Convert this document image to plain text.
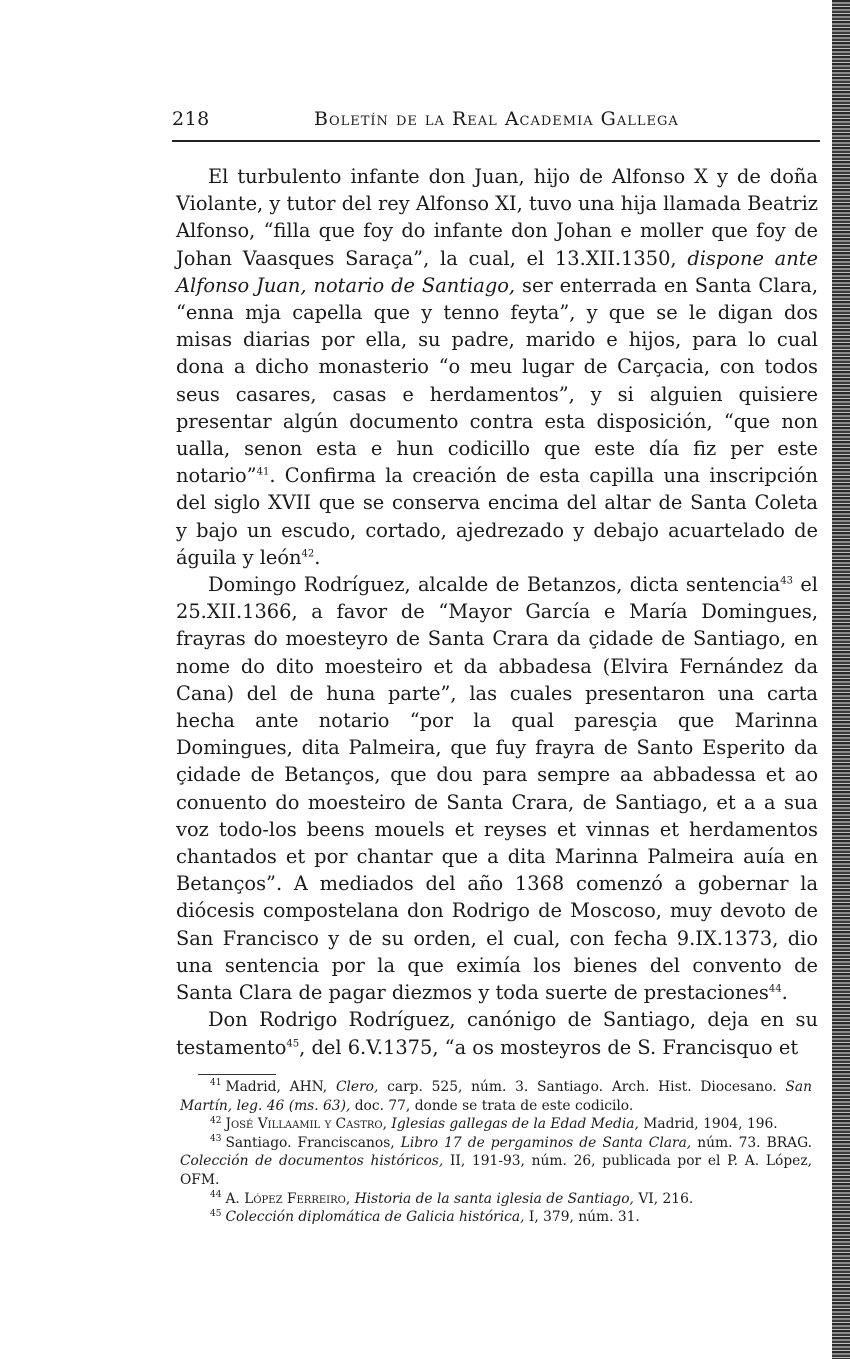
218	Boletín de la Real Academia Gallega

El turbulento infante don Juan, hijo de Alfonso X y de doña Violante, y tutor del rey Alfonso XI, tuvo una hija llamada Beatriz Alfonso, “filla que foy do infante don Johan e moller que foy de Johan Vaasques Saraça”, la cual, el 13.XII.1350, dispone ante Alfonso Juan, notario de Santiago, ser enterrada en Santa Clara, “enna mja capella que y tenno feyta”, y que se le digan dos misas diarias por ella, su padre, marido e hijos, para lo cual dona a dicho monasterio “o meu lugar de Carçacia, con todos seus casares, casas e herdamentos”, y si alguien quisiere presentar algún documento contra esta disposición, “que non ualla, senon esta e hun codicillo que este día fiz per este notario”$^{41}$. Confirma la creación de esta capilla una inscripción del siglo XVII que se conserva encima del altar de Santa Coleta y bajo un escudo, cortado, ajedrezado y debajo acuartelado de águila y león$^{42}$.

Domingo Rodríguez, alcalde de Betanzos, dicta sentencia$^{43}$ el 25.XII.1366, a favor de “Mayor García e María Domingues, frayras do moesteyro de Santa Crara da çidade de Santiago, en nome do dito moesteiro et da abbadesa (Elvira Fernández da Cana) del de huna parte”, las cuales presentaron una carta hecha ante notario “por la qual paresçia que Marinna Domingues, dita Palmeira, que fuy frayra de Santo Esperito da çidade de Betanços, que dou para sempre aa abbadessa et ao conuento do moesteiro de Santa Crara, de Santiago, et a a sua voz todo-los beens mouels et reyses et vinnas et herdamentos chantados et por chantar que a dita Marinna Palmeira auía en Betanços”. A mediados del año 1368 comenzó a gobernar la diócesis compostelana don Rodrigo de Moscoso, muy devoto de San Francisco y de su orden, el cual, con fecha 9.IX.1373, dio una sentencia por la que eximía los bienes del convento de Santa Clara de pagar diezmos y toda suerte de prestaciones$^{44}$.

Don Rodrigo Rodríguez, canónigo de Santiago, deja en su testamento$^{45}$, del 6.V.1375, “a os mosteyros de S. Francisquo et

$^{41}$ Madrid, AHN, Clero, carp. 525, núm. 3. Santiago. Arch. Hist. Diocesano. San Martín, leg. 46 (ms. 63), doc. 77, donde se trata de este codicilo.

$^{42}$ José Villaamil y Castro, Iglesias gallegas de la Edad Media, Madrid, 1904, 196.

$^{43}$ Santiago. Franciscanos, Libro 17 de pergaminos de Santa Clara, núm. 73. BRAG. Colección de documentos históricos, II, 191-93, núm. 26, publicada por el P. A. López, OFM.

$^{44}$ A. López Ferreiro, Historia de la santa iglesia de Santiago, VI, 216.

$^{45}$ Colección diplomática de Galicia histórica, I, 379, núm. 31.
